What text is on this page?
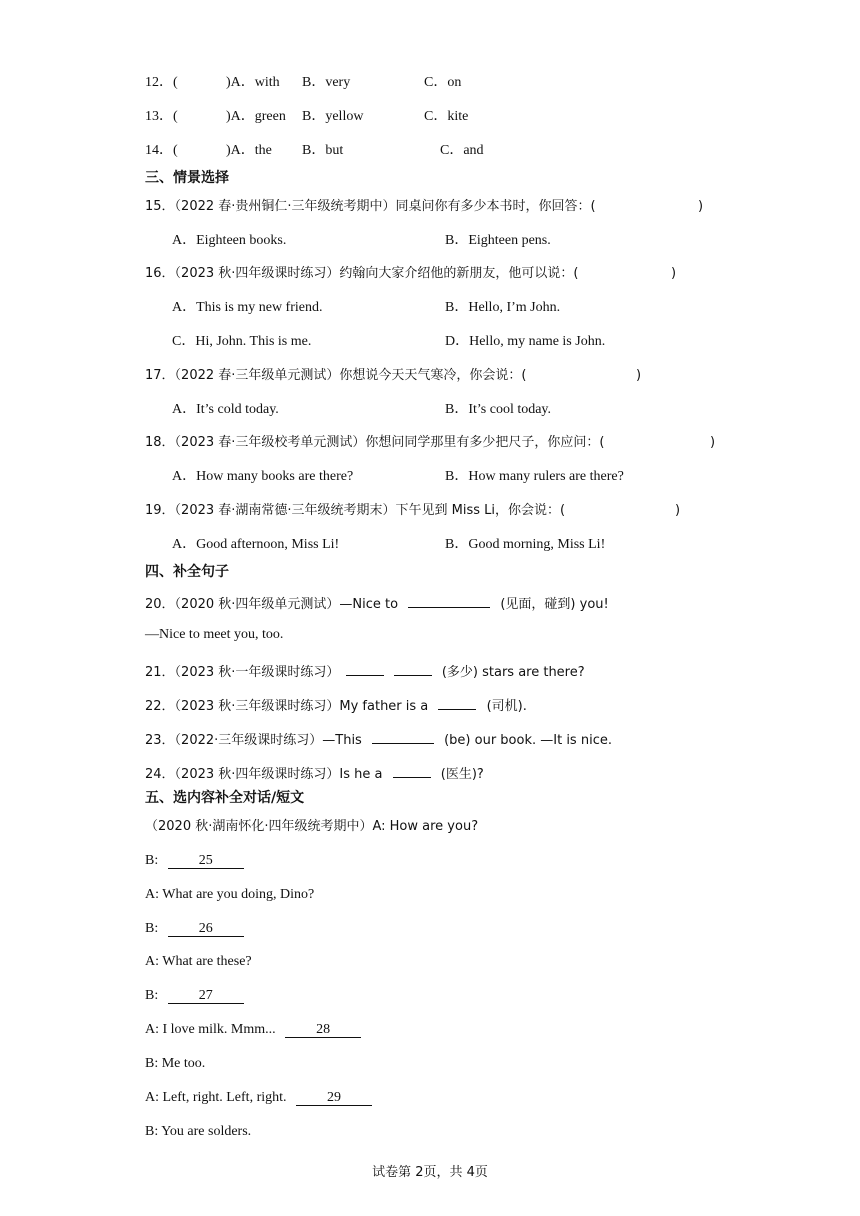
12．(	)A．with B．very	C．on
13．(	)A．green B．yellow	C．kite
14．(	)A．the B．but	C．and
三、情景选择
15．（2022 春·贵州铜仁·三年级统考期中）同桌问你有多少本书时，你回答：(	)
A．Eighteen books.	B．Eighteen pens.
16．（2023 秋·四年级课时练习）约翰向大家介绍他的新朋友，他可以说：(	)
A．This is my new friend.	B．Hello, I’m John.
C．Hi, John. This is me.	D．Hello, my name is John.
17．（2022 春·三年级单元测试）你想说今天天气寒冷，你会说：(	)
A．It’s cold today.	B．It’s cool today.
18．（2023 春·三年级校考单元测试）你想问同学那里有多少把尺子，你应问：(	)
A．How many books are there?	B．How many rulers are there?
19．（2023 春·湖南常德·三年级统考期末）下午见到 Miss Li，你会说：(	)
A．Good afternoon, Miss Li!	B．Good morning, Miss Li!
四、补全句子
20．（2020 秋·四年级单元测试）—Nice to	(见面，碰到) you!
—Nice to meet you, too.
21．（2023 秋·一年级课时练习）	(多少) stars are there?
22．（2023 秋·三年级课时练习）My father is a	(司机).
23．（2022·三年级课时练习）—This	(be) our book. —It is nice.
24．（2023 秋·四年级课时练习）Is he a	(医生)?
五、选内容补全对话/短文
（2020 秋·湖南怀化·四年级统考期中）A: How are you?
B:	25
A: What are you doing, Dino?
B:	26
A: What are these?
B:	27
A: I love milk. Mmm...	28
B: Me too.
A: Left, right. Left, right.	29
B: You are solders.
试卷第 2页，共 4页
